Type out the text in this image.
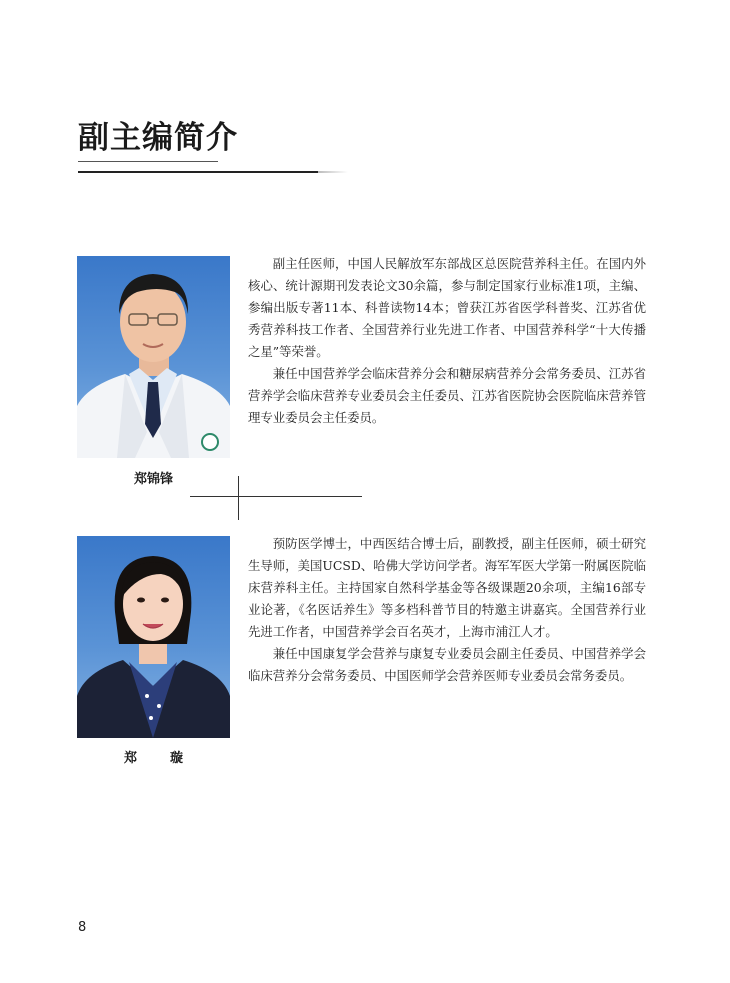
副主编简介
郑锦锋

副主任医师，中国人民解放军东部战区总医院营养科主任。在国内外核心、统计源期刊发表论文30余篇，参与制定国家行业标准1项，主编、参编出版专著11本、科普读物14本；曾获江苏省医学科普奖、江苏省优秀营养科技工作者、全国营养行业先进工作者、中国营养科学“十大传播之星”等荣誉。

兼任中国营养学会临床营养分会和糖尿病营养分会常务委员、江苏省营养学会临床营养专业委员会主任委员、江苏省医院协会医院临床营养管理专业委员会主任委员。

郑　璇

预防医学博士，中西医结合博士后，副教授，副主任医师，硕士研究生导师，美国UCSD、哈佛大学访问学者。海军军医大学第一附属医院临床营养科主任。主持国家自然科学基金等各级课题20余项，主编16部专业论著，《名医话养生》等多档科普节目的特邀主讲嘉宾。全国营养行业先进工作者，中国营养学会百名英才，上海市浦江人才。

兼任中国康复学会营养与康复专业委员会副主任委员、中国营养学会临床营养分会常务委员、中国医师学会营养医师专业委员会常务委员。

8
